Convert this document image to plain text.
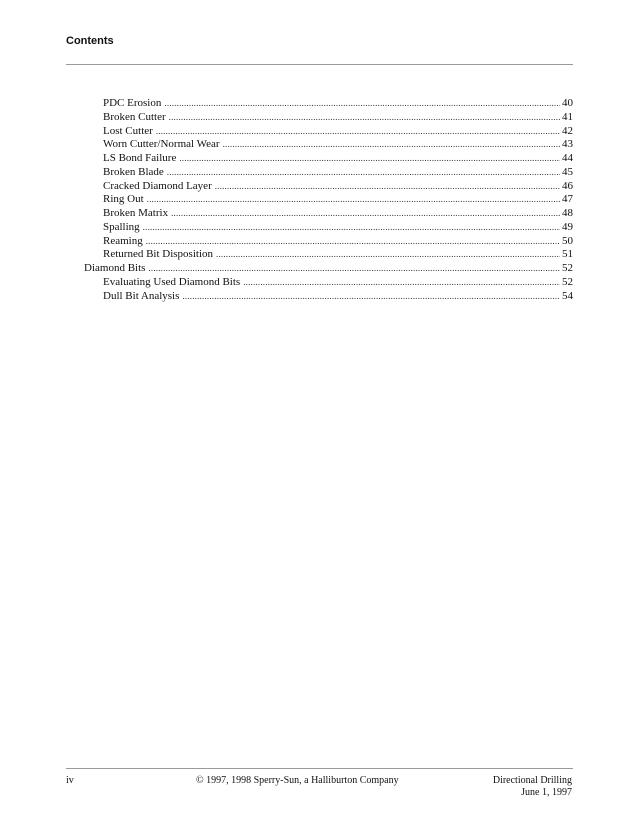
Contents
PDC Erosion .....	40
Broken Cutter .....	41
Lost Cutter .....	42
Worn Cutter/Normal Wear .....	43
LS Bond Failure .....	44
Broken Blade .....	45
Cracked Diamond Layer .....	46
Ring Out .....	47
Broken Matrix .....	48
Spalling .....	49
Reaming .....	50
Returned Bit Disposition .....	51
Diamond Bits .....	52
Evaluating Used Diamond Bits .....	52
Dull Bit Analysis .....	54
iv	© 1997, 1998 Sperry-Sun, a Halliburton Company	Directional Drilling
June 1, 1997
